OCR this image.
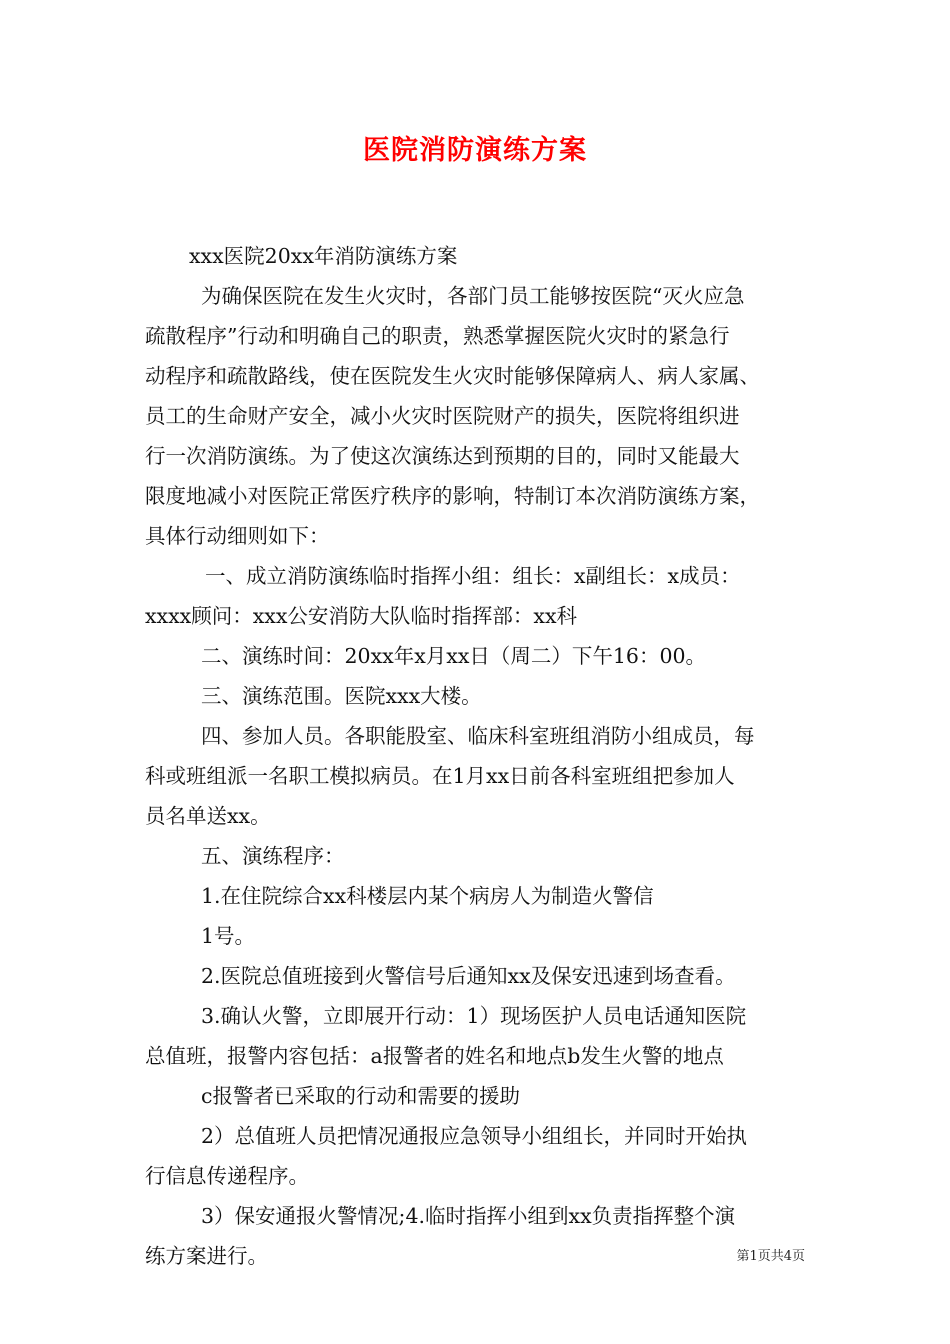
医院消防演练方案
xxx医院20xx年消防演练方案
为确保医院在发生火灾时，各部门员工能够按医院“灭火应急
疏散程序”行动和明确自己的职责，熟悉掌握医院火灾时的紧急行
动程序和疏散路线，使在医院发生火灾时能够保障病人、病人家属、
员工的生命财产安全，减小火灾时医院财产的损失，医院将组织进
行一次消防演练。为了使这次演练达到预期的目的，同时又能最大
限度地减小对医院正常医疗秩序的影响，特制订本次消防演练方案，
具体行动细则如下：
一、成立消防演练临时指挥小组：组长：x副组长：x成员：
xxxx顾问：xxx公安消防大队临时指挥部：xx科
二、演练时间：20xx年x月xx日（周二）下午16：00。
三、演练范围。医院xxx大楼。
四、参加人员。各职能股室、临床科室班组消防小组成员，每
科或班组派一名职工模拟病员。在1月xx日前各科室班组把参加人
员名单送xx。
五、演练程序：
1.在住院综合xx科楼层内某个病房人为制造火警信
1号。
2.医院总值班接到火警信号后通知xx及保安迅速到场查看。
3.确认火警，立即展开行动：1）现场医护人员电话通知医院
总值班，报警内容包括：a报警者的姓名和地点b发生火警的地点
c报警者已采取的行动和需要的援助
2）总值班人员把情况通报应急领导小组组长，并同时开始执
行信息传递程序。
3）保安通报火警情况;4.临时指挥小组到xx负责指挥整个演
练方案进行。	第1页共4页
